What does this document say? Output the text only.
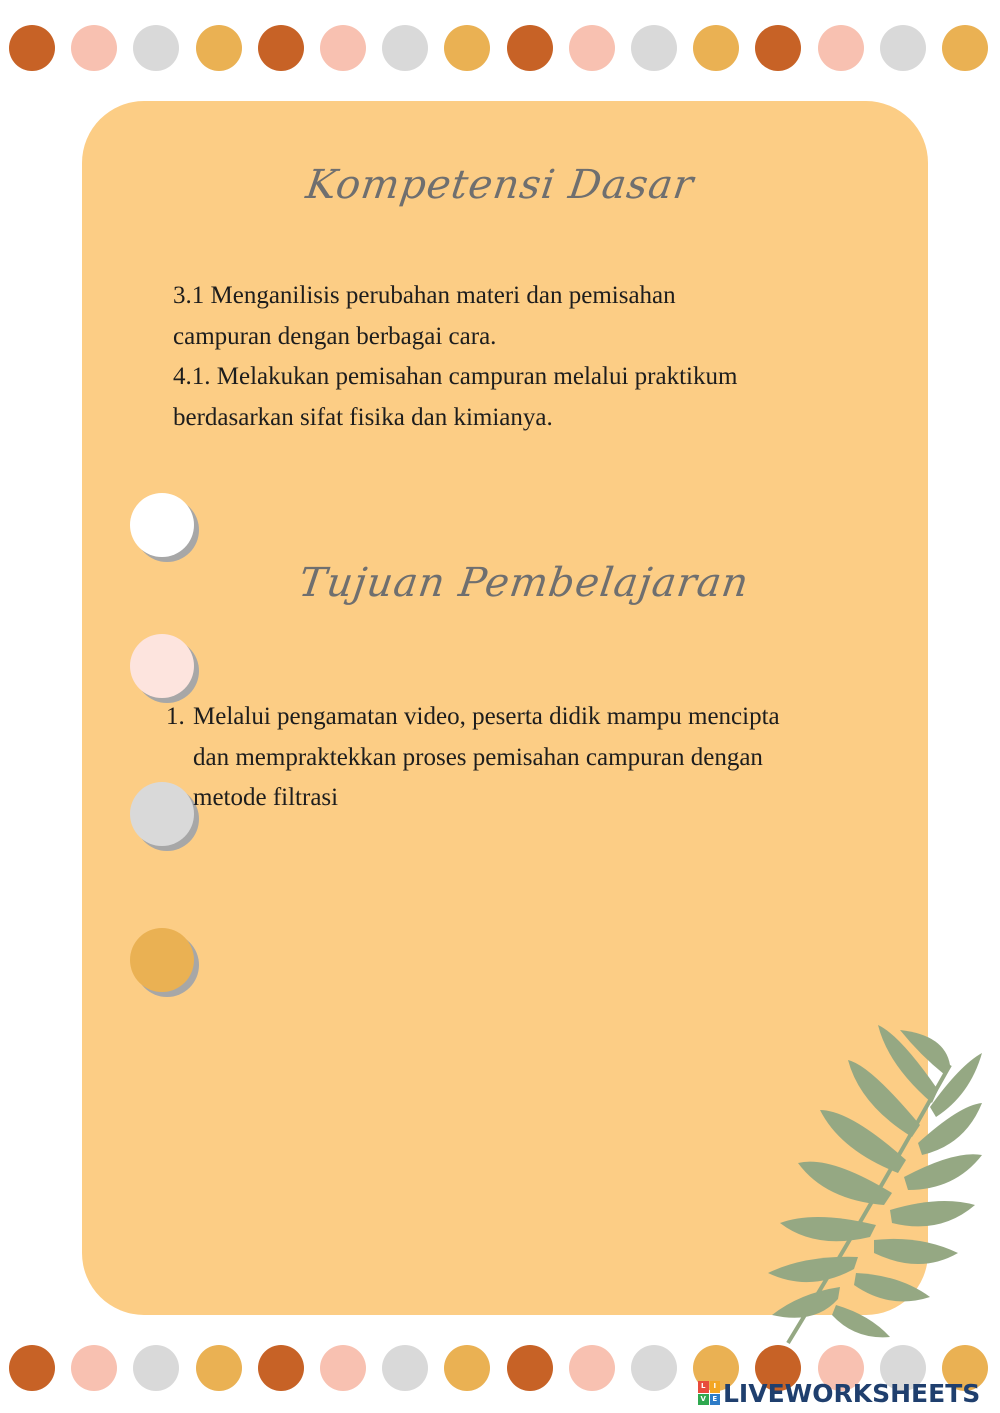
Kompetensi Dasar

3.1 Menganilisis perubahan materi dan pemisahan

campuran dengan berbagai cara.

4.1. Melakukan pemisahan campuran melalui praktikum

berdasarkan sifat fisika dan kimianya.

Tujuan Pembelajaran
1. Melalui pengamatan video, peserta didik mampu mencipta
dan mempraktekkan proses pemisahan campuran dengan
metode filtrasi
L	I
V E LIVEWORKSHEETS
